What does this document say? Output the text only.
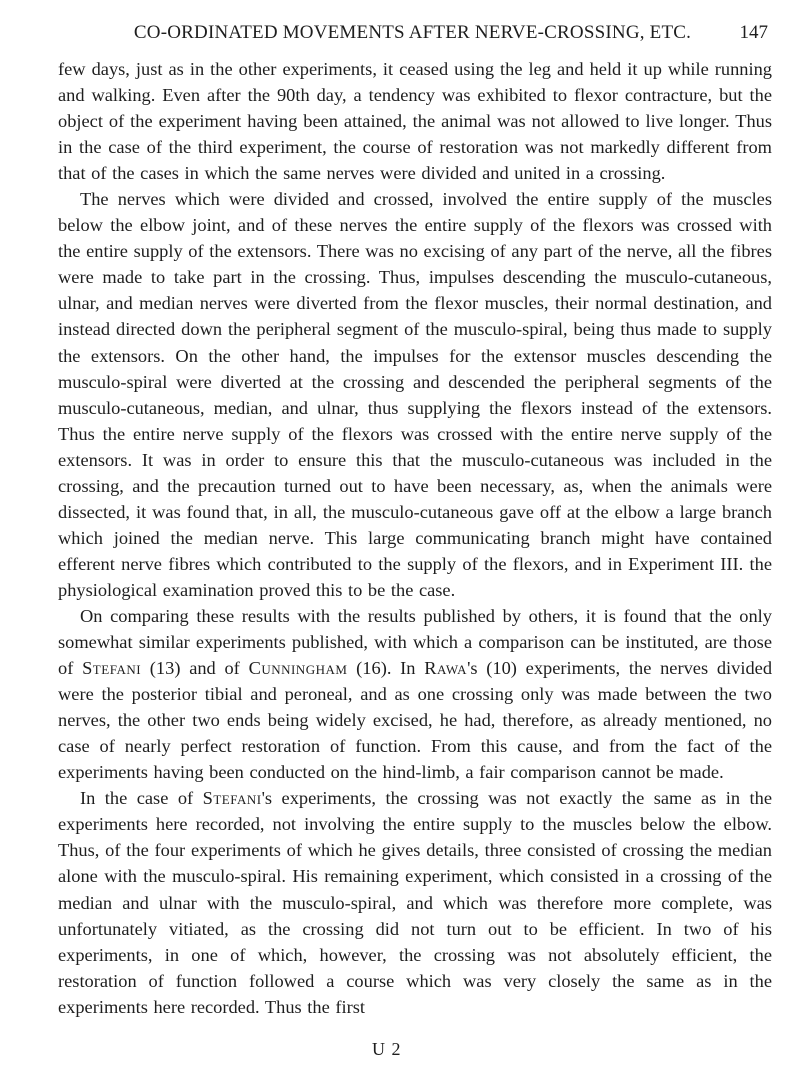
CO-ORDINATED MOVEMENTS AFTER NERVE-CROSSING, ETC.	147

few days, just as in the other experiments, it ceased using the leg and held it up while running and walking. Even after the 90th day, a tendency was exhibited to flexor contracture, but the object of the experiment having been attained, the animal was not allowed to live longer. Thus in the case of the third experiment, the course of restoration was not markedly different from that of the cases in which the same nerves were divided and united in a crossing.

The nerves which were divided and crossed, involved the entire supply of the muscles below the elbow joint, and of these nerves the entire supply of the flexors was crossed with the entire supply of the extensors. There was no excising of any part of the nerve, all the fibres were made to take part in the crossing. Thus, impulses descending the musculo-cutaneous, ulnar, and median nerves were diverted from the flexor muscles, their normal destination, and instead directed down the peripheral segment of the musculo-spiral, being thus made to supply the extensors. On the other hand, the impulses for the extensor muscles descending the musculo-spiral were diverted at the crossing and descended the peripheral segments of the musculo-cutaneous, median, and ulnar, thus supplying the flexors instead of the extensors. Thus the entire nerve supply of the flexors was crossed with the entire nerve supply of the extensors. It was in order to ensure this that the musculo-cutaneous was included in the crossing, and the precaution turned out to have been necessary, as, when the animals were dissected, it was found that, in all, the musculo-cutaneous gave off at the elbow a large branch which joined the median nerve. This large communicating branch might have contained efferent nerve fibres which contributed to the supply of the flexors, and in Experiment III. the physiological examination proved this to be the case.

On comparing these results with the results published by others, it is found that the only somewhat similar experiments published, with which a comparison can be instituted, are those of Stefani (13) and of Cunningham (16). In Rawa's (10) experiments, the nerves divided were the posterior tibial and peroneal, and as one crossing only was made between the two nerves, the other two ends being widely excised, he had, therefore, as already mentioned, no case of nearly perfect restoration of function. From this cause, and from the fact of the experiments having been conducted on the hind-limb, a fair comparison cannot be made.

In the case of Stefani's experiments, the crossing was not exactly the same as in the experiments here recorded, not involving the entire supply to the muscles below the elbow. Thus, of the four experiments of which he gives details, three consisted of crossing the median alone with the musculo-spiral. His remaining experiment, which consisted in a crossing of the median and ulnar with the musculo-spiral, and which was therefore more complete, was unfortunately vitiated, as the crossing did not turn out to be efficient. In two of his experiments, in one of which, however, the crossing was not absolutely efficient, the restoration of function followed a course which was very closely the same as in the experiments here recorded. Thus the first

U 2
